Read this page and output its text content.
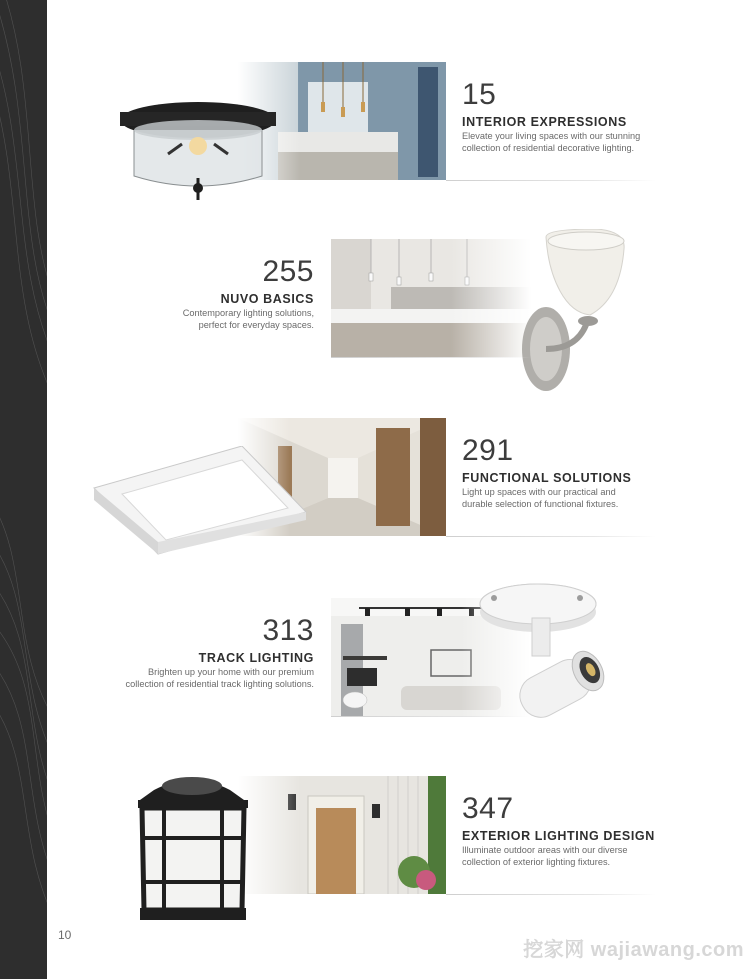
15
INTERIOR EXPRESSIONS
Elevate your living spaces with our stunning
collection of residential decorative lighting.
255
NUVO BASICS
Contemporary lighting solutions,
perfect for everyday spaces.
291
FUNCTIONAL SOLUTIONS
Light up spaces with our practical and
durable selection of functional fixtures.
313
TRACK LIGHTING
Brighten up your home with our premium
collection of residential track lighting solutions.
347
EXTERIOR LIGHTING DESIGN
Illuminate outdoor areas with our diverse
collection of exterior lighting fixtures.
10
挖家网 wajiawang.com
